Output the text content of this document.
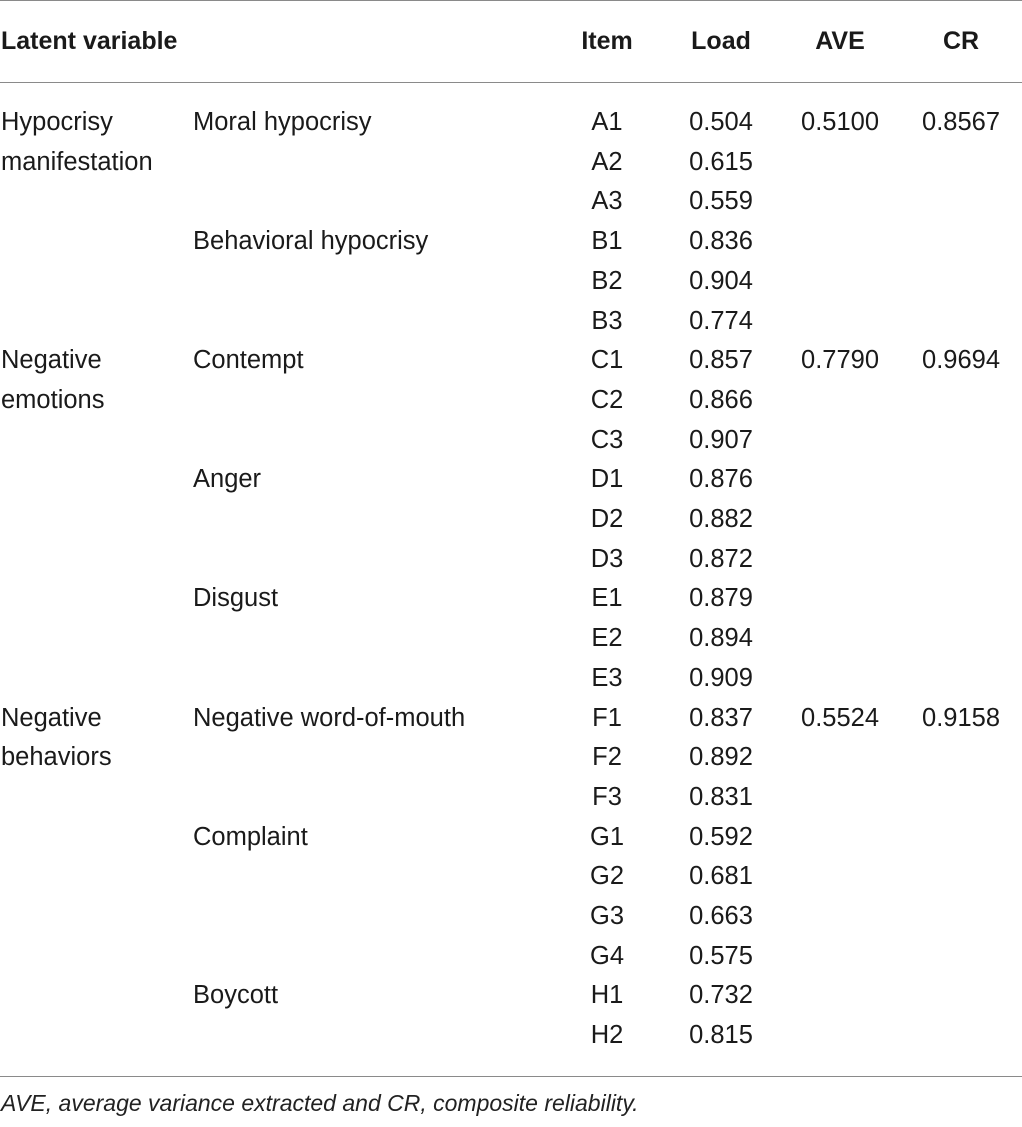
Latent variable		Item	Load	AVE	CR
Hypocrisy manifestation	Moral hypocrisy	A1	0.504	0.5100	0.8567
		A2	0.615		
		A3	0.559		
	Behavioral hypocrisy	B1	0.836		
		B2	0.904		
		B3	0.774		
Negative emotions	Contempt	C1	0.857	0.7790	0.9694
		C2	0.866		
		C3	0.907		
	Anger	D1	0.876		
		D2	0.882		
		D3	0.872		
	Disgust	E1	0.879		
		E2	0.894		
		E3	0.909		
Negative behaviors	Negative word-of-mouth	F1	0.837	0.5524	0.9158
		F2	0.892		
		F3	0.831		
	Complaint	G1	0.592		
		G2	0.681		
		G3	0.663		
		G4	0.575		
	Boycott	H1	0.732		
		H2	0.815		
AVE, average variance extracted and CR, composite reliability.
